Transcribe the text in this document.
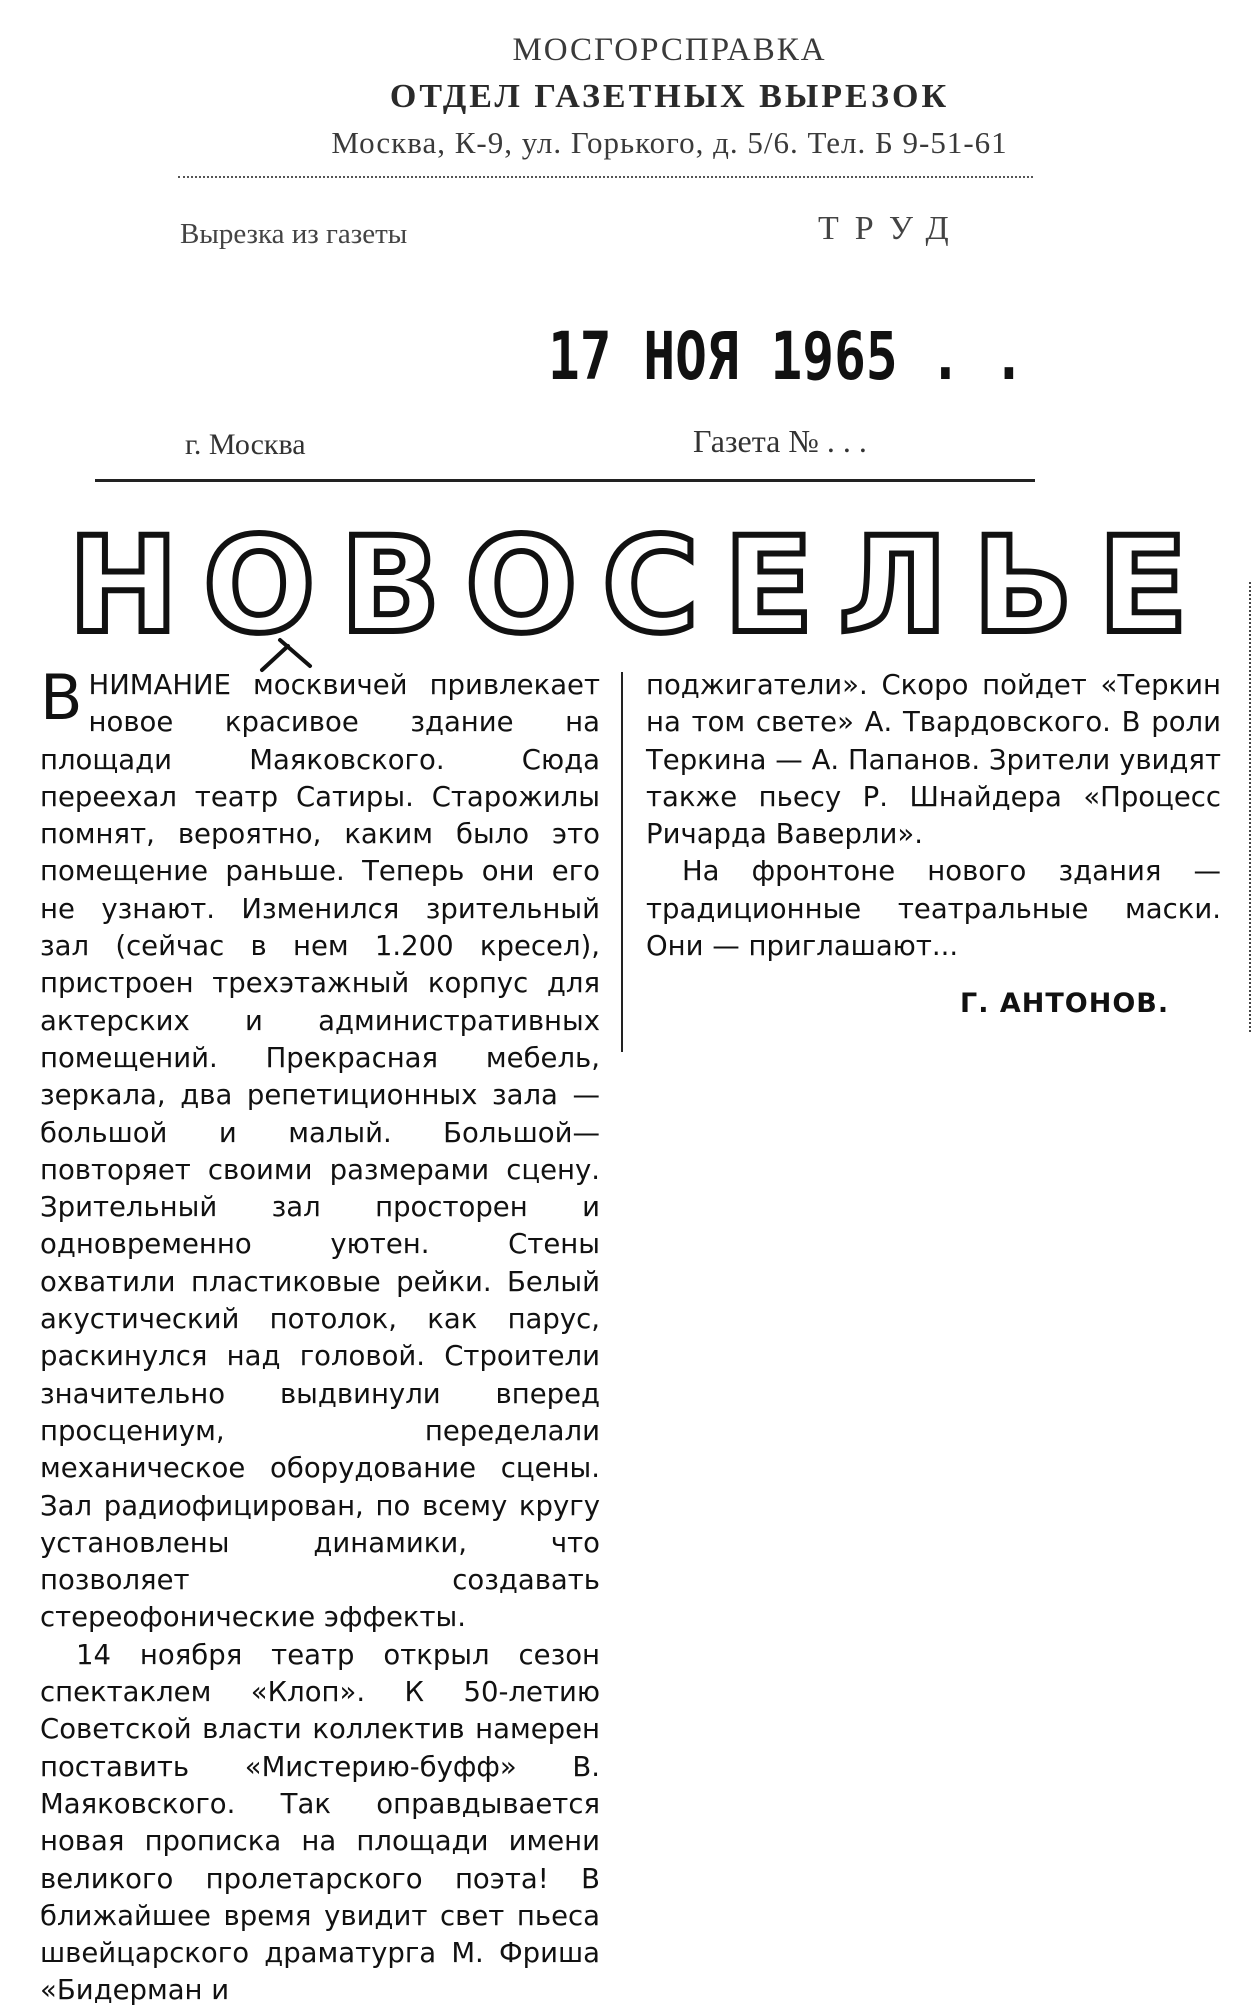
МОСГОРСПРАВКА
ОТДЕЛ ГАЗЕТНЫХ ВЫРЕЗОК
Москва, К-9, ул. Горького, д. 5/6. Тел. Б 9-51-61
Вырезка из газеты	ТРУД
17 НОЯ 1965 . .
г. Москва	Газета № . . .
Н О В О С Е Л Ь Е

ВНИМАНИЕ москвичей привлекает новое красивое здание на площади Маяковского. Сюда переехал театр Сатиры. Старожилы помнят, вероятно, каким было это помещение раньше. Теперь они его не узнают. Изменился зрительный зал (сейчас в нем 1.200 кресел), пристроен трехэтажный корпус для актерских и административных помещений. Прекрасная мебель, зеркала, два репетиционных зала — большой и малый. Большой—повторяет своими размерами сцену. Зрительный зал просторен и одновременно уютен. Стены охватили пластиковые рейки. Белый акустический потолок, как парус, раскинулся над головой. Строители значительно выдвинули вперед просцениум, переделали механическое оборудование сцены. Зал радиофицирован, по всему кругу установлены динамики, что позволяет создавать стереофонические эффекты.

14 ноября театр открыл сезон спектаклем «Клоп». К 50-летию Советской власти коллектив намерен поставить «Мистерию-буфф» В. Маяковского. Так оправдывается новая прописка на площади имени великого пролетарского поэта! В ближайшее время увидит свет пьеса швейцарского драматурга М. Фриша «Бидерман и

поджигатели». Скоро пойдет «Теркин на том свете» А. Твардовского. В роли Теркина — А. Папанов. Зрители увидят также пьесу Р. Шнайдера «Процесс Ричарда Ваверли».

На фронтоне нового здания — традиционные театральные маски. Они — приглашают...

Г. АНТОНОВ.
